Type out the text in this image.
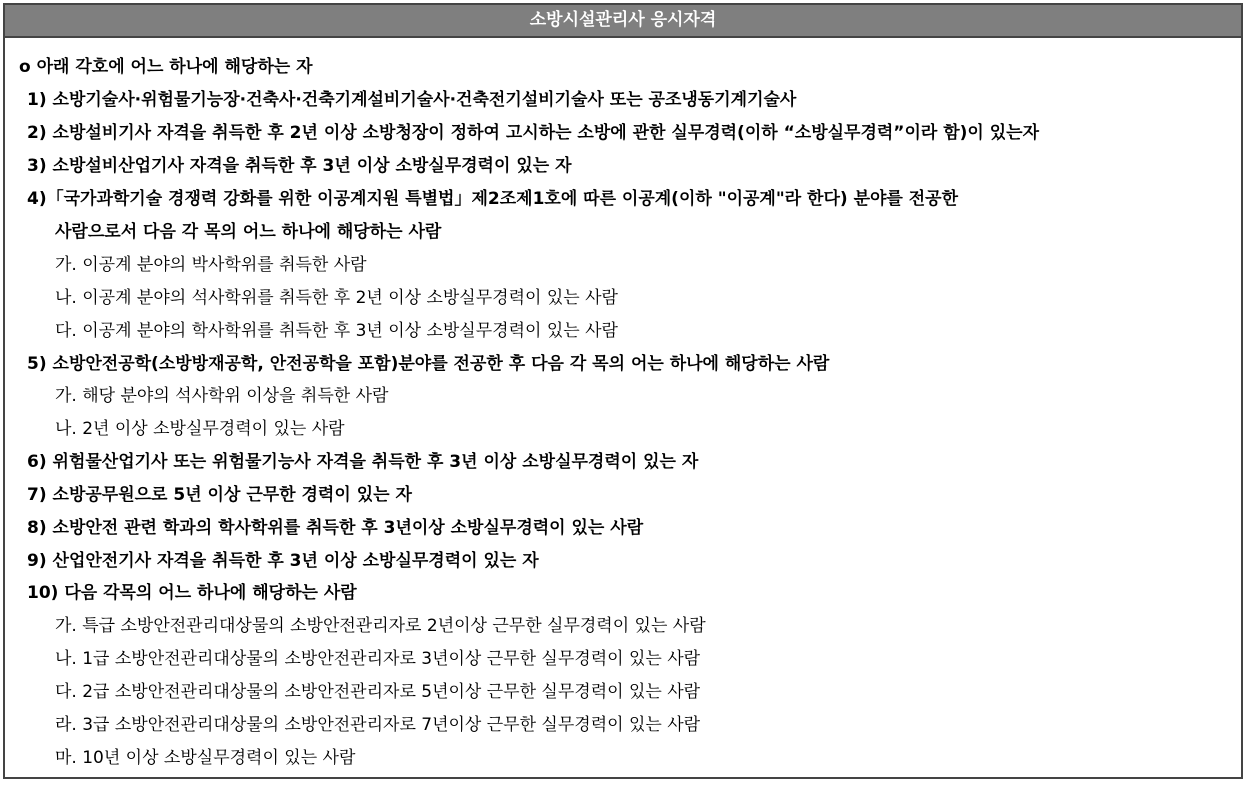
소방시설관리사 응시자격
o 아래 각호에 어느 하나에 해당하는 자
1) 소방기술사·위험물기능장·건축사·건축기계설비기술사·건축전기설비기술사 또는 공조냉동기계기술사
2) 소방설비기사 자격을 취득한 후 2년 이상 소방청장이 정하여 고시하는 소방에 관한 실무경력(이하 “소방실무경력”이라 함)이 있는자
3) 소방설비산업기사 자격을 취득한 후 3년 이상 소방실무경력이 있는 자
4)「국가과학기술 경쟁력 강화를 위한 이공계지원 특별법」제2조제1호에 따른 이공계(이하 "이공계"라 한다) 분야를 전공한
사람으로서 다음 각 목의 어느 하나에 해당하는 사람
가. 이공계 분야의 박사학위를 취득한 사람
나. 이공계 분야의 석사학위를 취득한 후 2년 이상 소방실무경력이 있는 사람
다. 이공계 분야의 학사학위를 취득한 후 3년 이상 소방실무경력이 있는 사람
5) 소방안전공학(소방방재공학, 안전공학을 포함)분야를 전공한 후 다음 각 목의 어는 하나에 해당하는 사람
가. 해당 분야의 석사학위 이상을 취득한 사람
나. 2년 이상 소방실무경력이 있는 사람
6) 위험물산업기사 또는 위험물기능사 자격을 취득한 후 3년 이상 소방실무경력이 있는 자
7) 소방공무원으로 5년 이상 근무한 경력이 있는 자
8) 소방안전 관련 학과의 학사학위를 취득한 후 3년이상 소방실무경력이 있는 사람
9) 산업안전기사 자격을 취득한 후 3년 이상 소방실무경력이 있는 자
10) 다음 각목의 어느 하나에 해당하는 사람
가. 특급 소방안전관리대상물의 소방안전관리자로 2년이상 근무한 실무경력이 있는 사람
나. 1급 소방안전관리대상물의 소방안전관리자로 3년이상 근무한 실무경력이 있는 사람
다. 2급 소방안전관리대상물의 소방안전관리자로 5년이상 근무한 실무경력이 있는 사람
라. 3급 소방안전관리대상물의 소방안전관리자로 7년이상 근무한 실무경력이 있는 사람
마. 10년 이상 소방실무경력이 있는 사람
